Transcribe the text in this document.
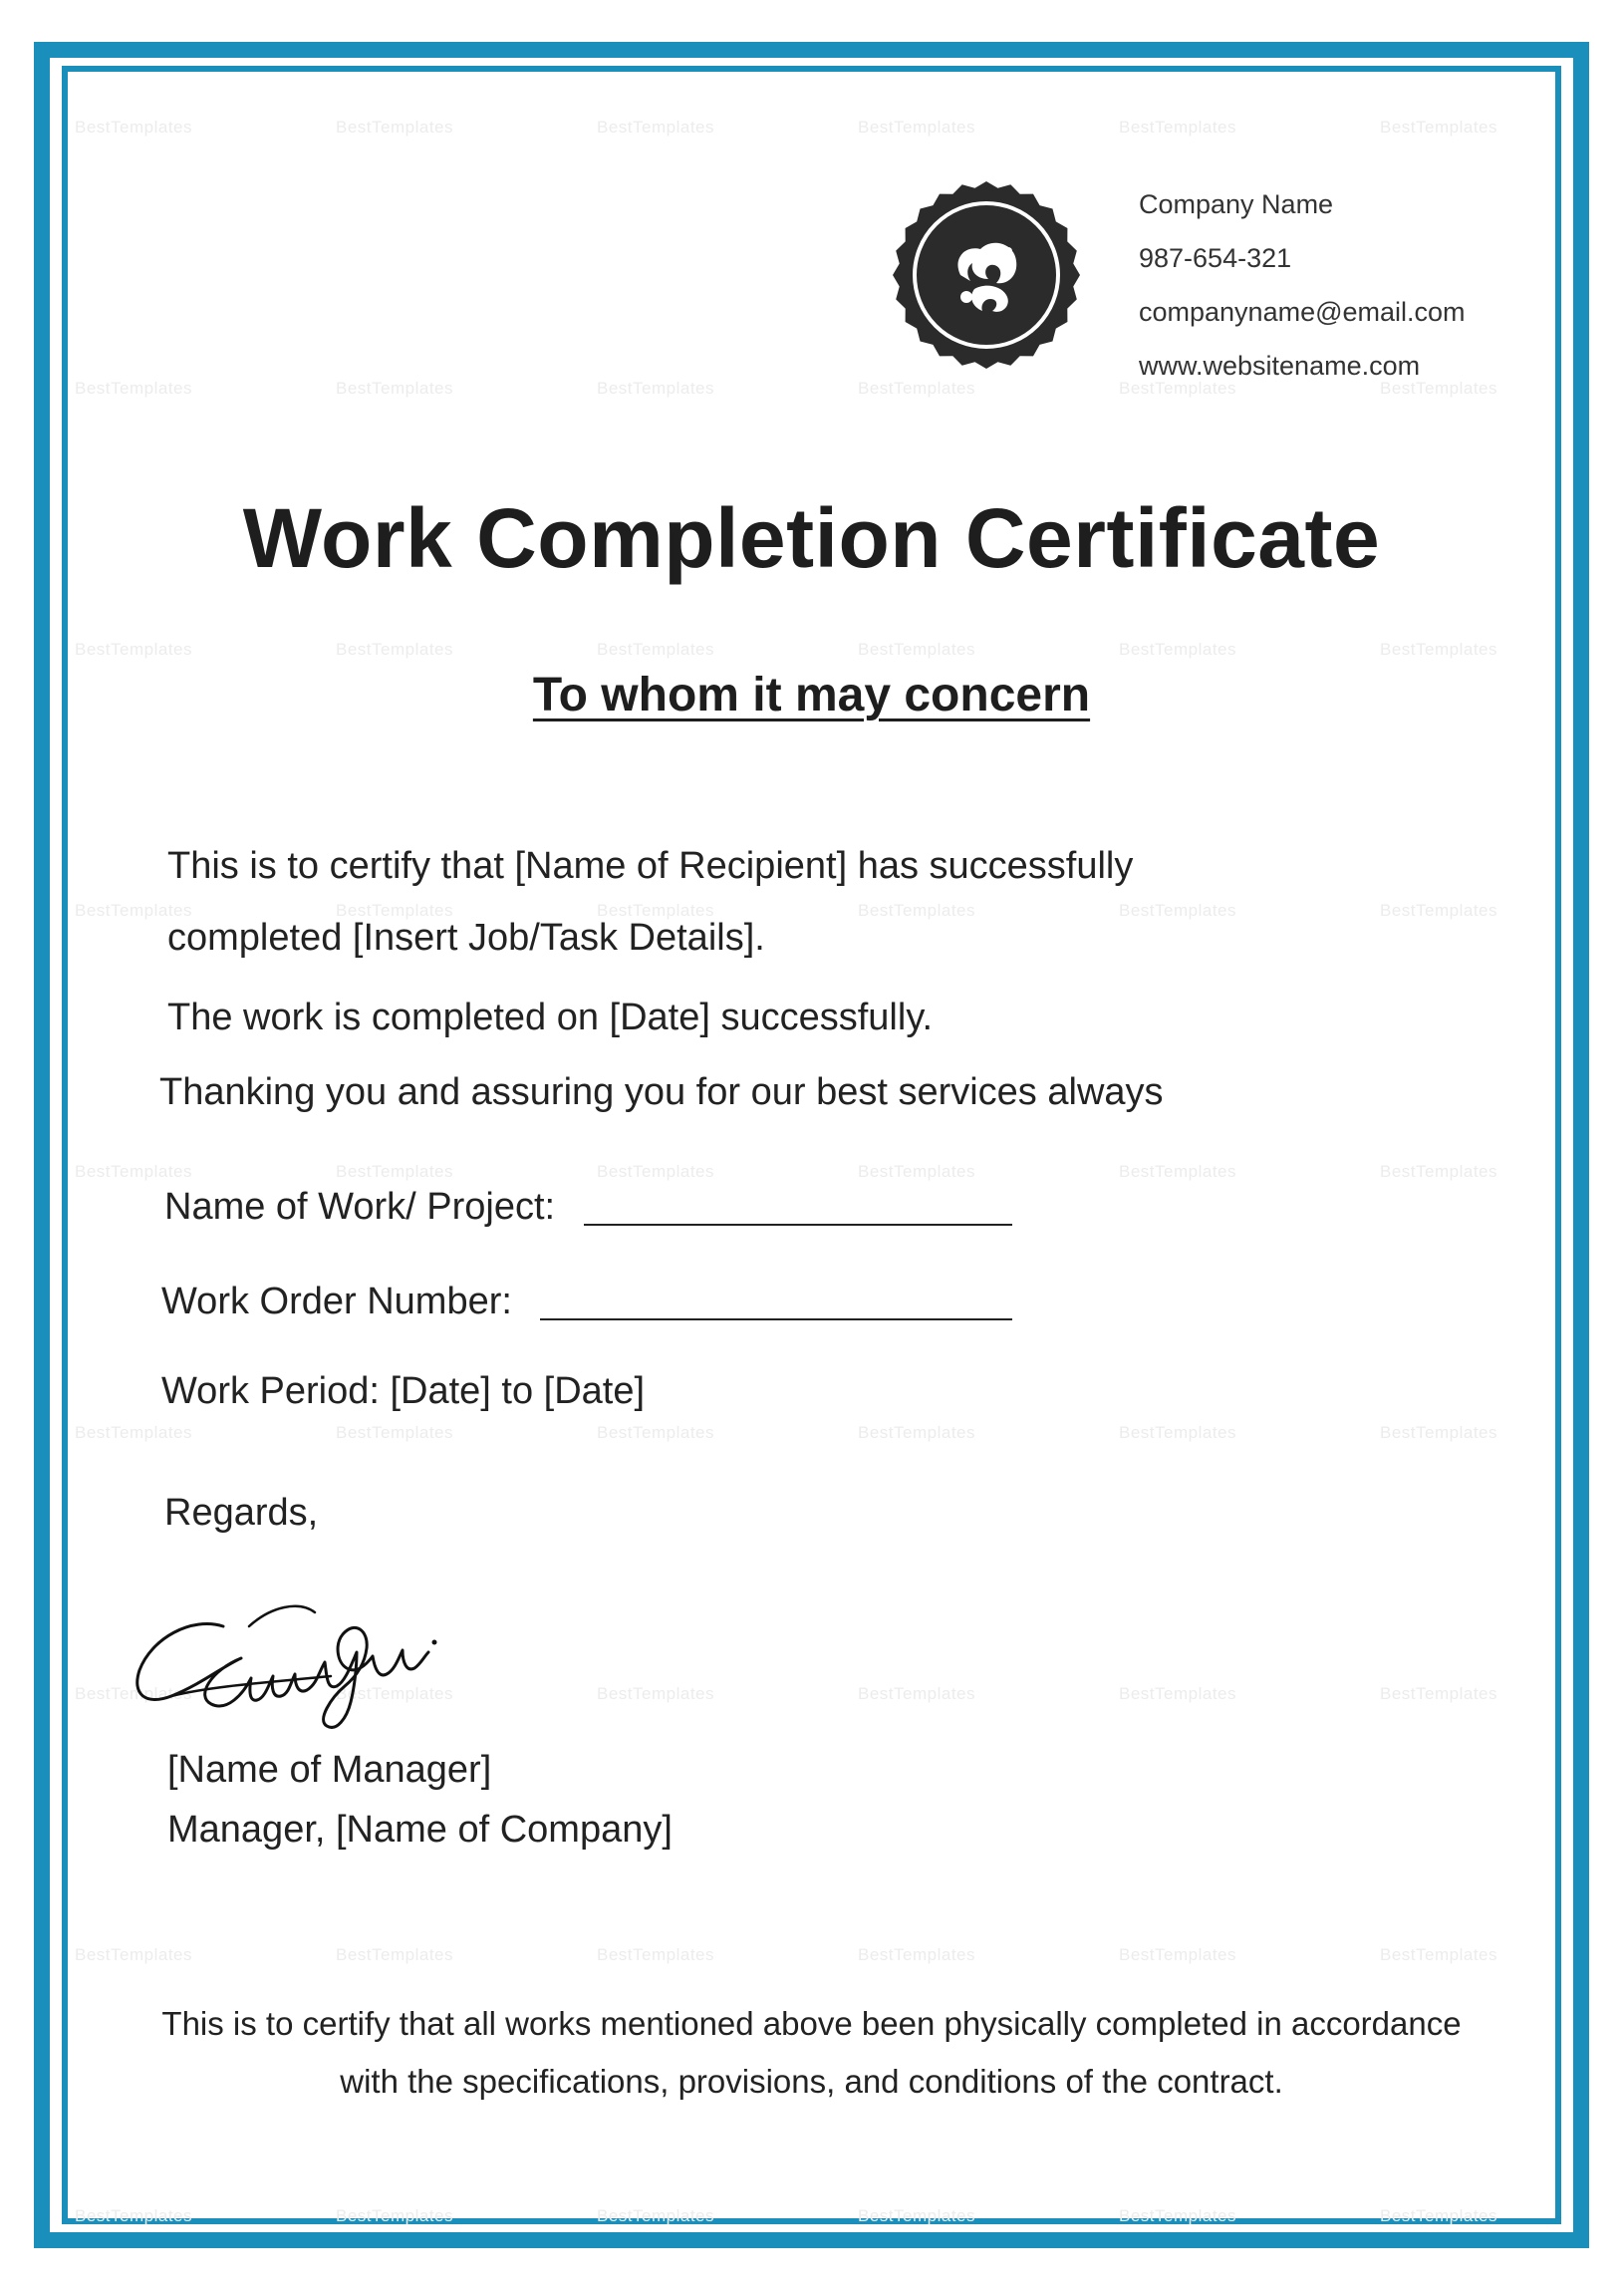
BestTemplates	BestTemplates	BestTemplates	BestTemplates	BestTemplates	BestTemplates
BestTemplates	BestTemplates	BestTemplates	BestTemplates	BestTemplates	BestTemplates
BestTemplates	BestTemplates	BestTemplates	BestTemplates	BestTemplates	BestTemplates
BestTemplates	BestTemplates	BestTemplates	BestTemplates	BestTemplates	BestTemplates
BestTemplates	BestTemplates	BestTemplates	BestTemplates	BestTemplates	BestTemplates
BestTemplates	BestTemplates	BestTemplates	BestTemplates	BestTemplates	BestTemplates
BestTemplates	BestTemplates	BestTemplates	BestTemplates	BestTemplates	BestTemplates
BestTemplates	BestTemplates	BestTemplates	BestTemplates	BestTemplates	BestTemplates
BestTemplates	BestTemplates	BestTemplates	BestTemplates	BestTemplates	BestTemplates
Company Name
987-654-321
companyname@email.com
www.websitename.com
Work Completion Certificate
To whom it may concern
This is to certify that [Name of Recipient] has successfully
completed [Insert Job/Task Details].
The work is completed on [Date] successfully.
Thanking you and assuring you for our best services always
Name of Work/ Project:
Work Order Number:
Work Period: [Date] to [Date]
Regards,
[Name of Manager]
Manager, [Name of Company]
This is to certify that all works mentioned above been physically completed in accordance
with the specifications, provisions, and conditions of the contract.
